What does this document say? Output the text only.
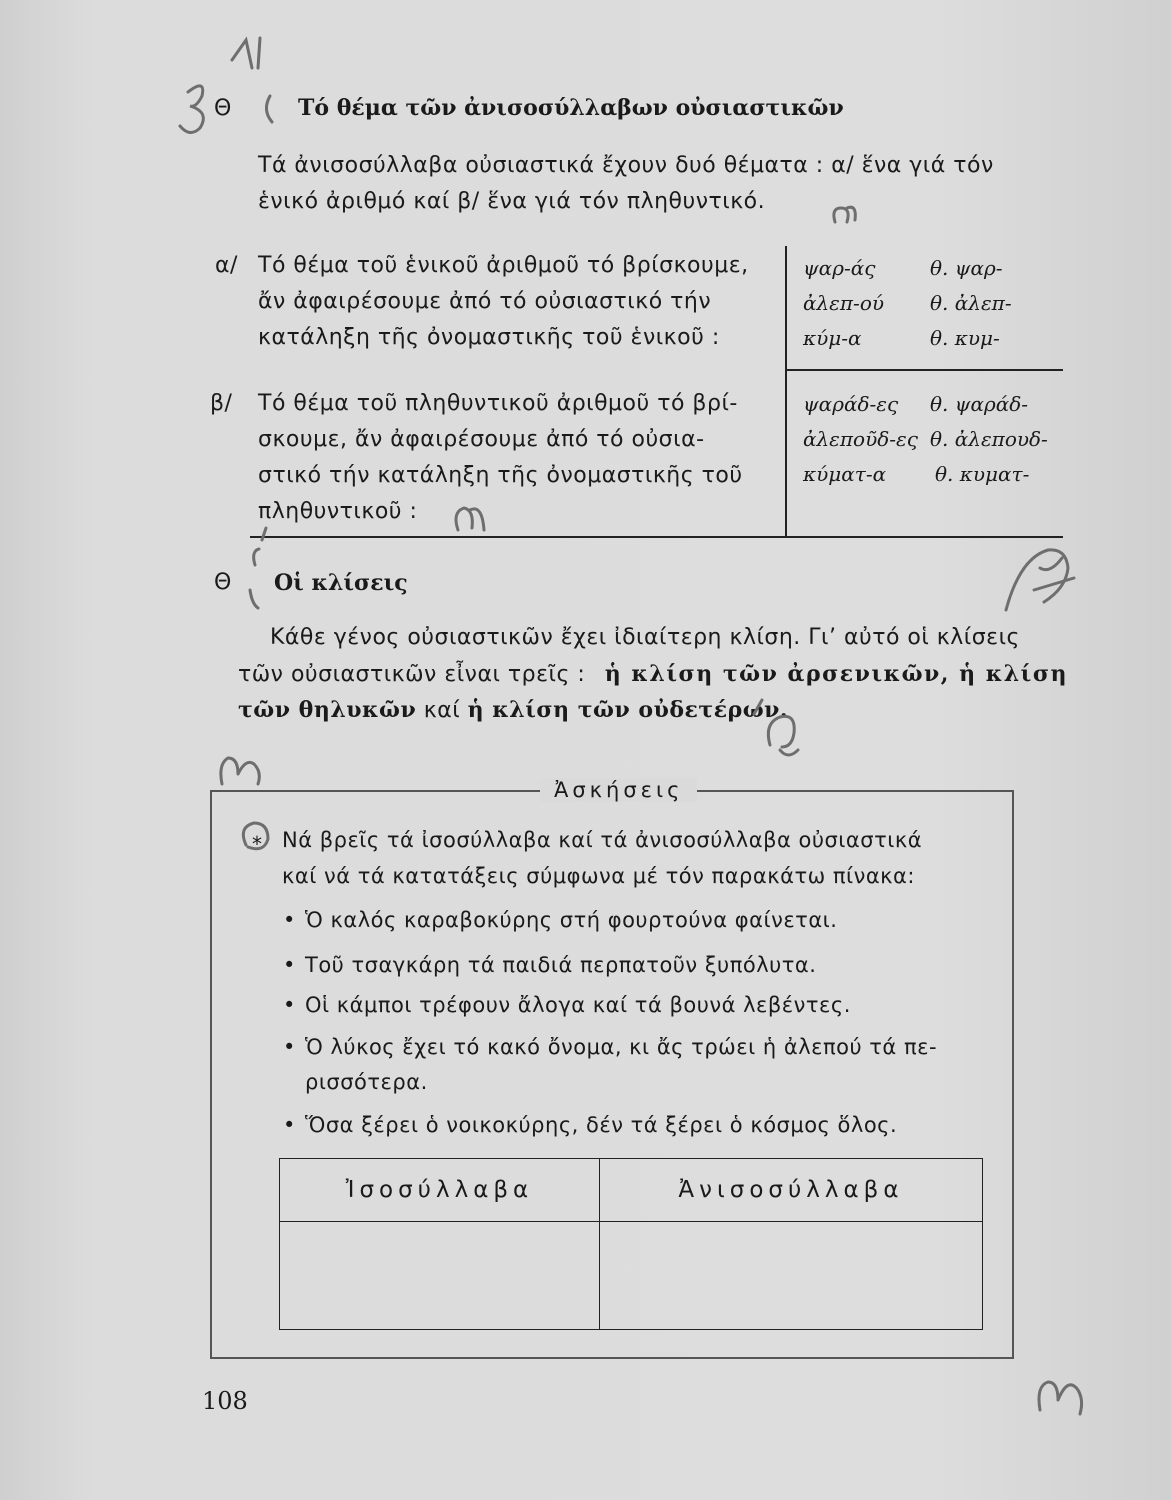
Θ	Τό θέμα τῶν ἀνισοσύλλαβων οὐσιαστικῶν
Τά ἀνισοσύλλαβα οὐσιαστικά ἔχουν δυό θέματα : α/ ἕνα γιά τόν
ἑνικό ἀριθμό καί β/ ἕνα γιά τόν πληθυντικό.
α/ Τό θέμα τοῦ ἑνικοῦ ἀριθμοῦ τό βρίσκουμε,
ἄν ἀφαιρέσουμε ἀπό τό οὐσιαστικό τήν
κατάληξη τῆς ὀνομαστικῆς τοῦ ἑνικοῦ :
ψαρ-άς	θ. ψαρ-
ἀλεπ-ού θ. ἀλεπ-
κύμ-α	θ. κυμ-
β/ Τό θέμα τοῦ πληθυντικοῦ ἀριθμοῦ τό βρί-
σκουμε, ἄν ἀφαιρέσουμε ἀπό τό οὐσια-
στικό τήν κατάληξη τῆς ὀνομαστικῆς τοῦ
πληθυντικοῦ :
ψαράδ-ες θ. ψαράδ-
ἀλεποῦδ-ες θ. ἀλεπουδ-
κύματ-α θ. κυματ-
Θ Οἱ κλίσεις
Κάθε γένος οὐσιαστικῶν ἔχει ἰδιαίτερη κλίση. Γι’ αὐτό οἱ κλίσεις
τῶν οὐσιαστικῶν εἶναι τρεῖς : ἡ κλίση τῶν ἀρσενικῶν, ἡ κλίση
τῶν θηλυκῶν καί ἡ κλίση τῶν οὐδετέρων.
Ἀσκήσεις
* Νά βρεῖς τά ἰσοσύλλαβα καί τά ἀνισοσύλλαβα οὐσιαστικά
καί νά τά κατατάξεις σύμφωνα μέ τόν παρακάτω πίνακα:
• Ὁ καλός καραβοκύρης στή φουρτούνα φαίνεται.
• Τοῦ τσαγκάρη τά παιδιά περπατοῦν ξυπόλυτα.
• Οἱ κάμποι τρέφουν ἄλογα καί τά βουνά λεβέντες.
• Ὁ λύκος ἔχει τό κακό ὄνομα, κι ἄς τρώει ἡ ἀλεπού τά πε-
ρισσότερα.
• Ὅσα ξέρει ὁ νοικοκύρης, δέν τά ξέρει ὁ κόσμος ὅλος.
Ἰσοσύλλαβα	Ἀνισοσύλλαβα

108
